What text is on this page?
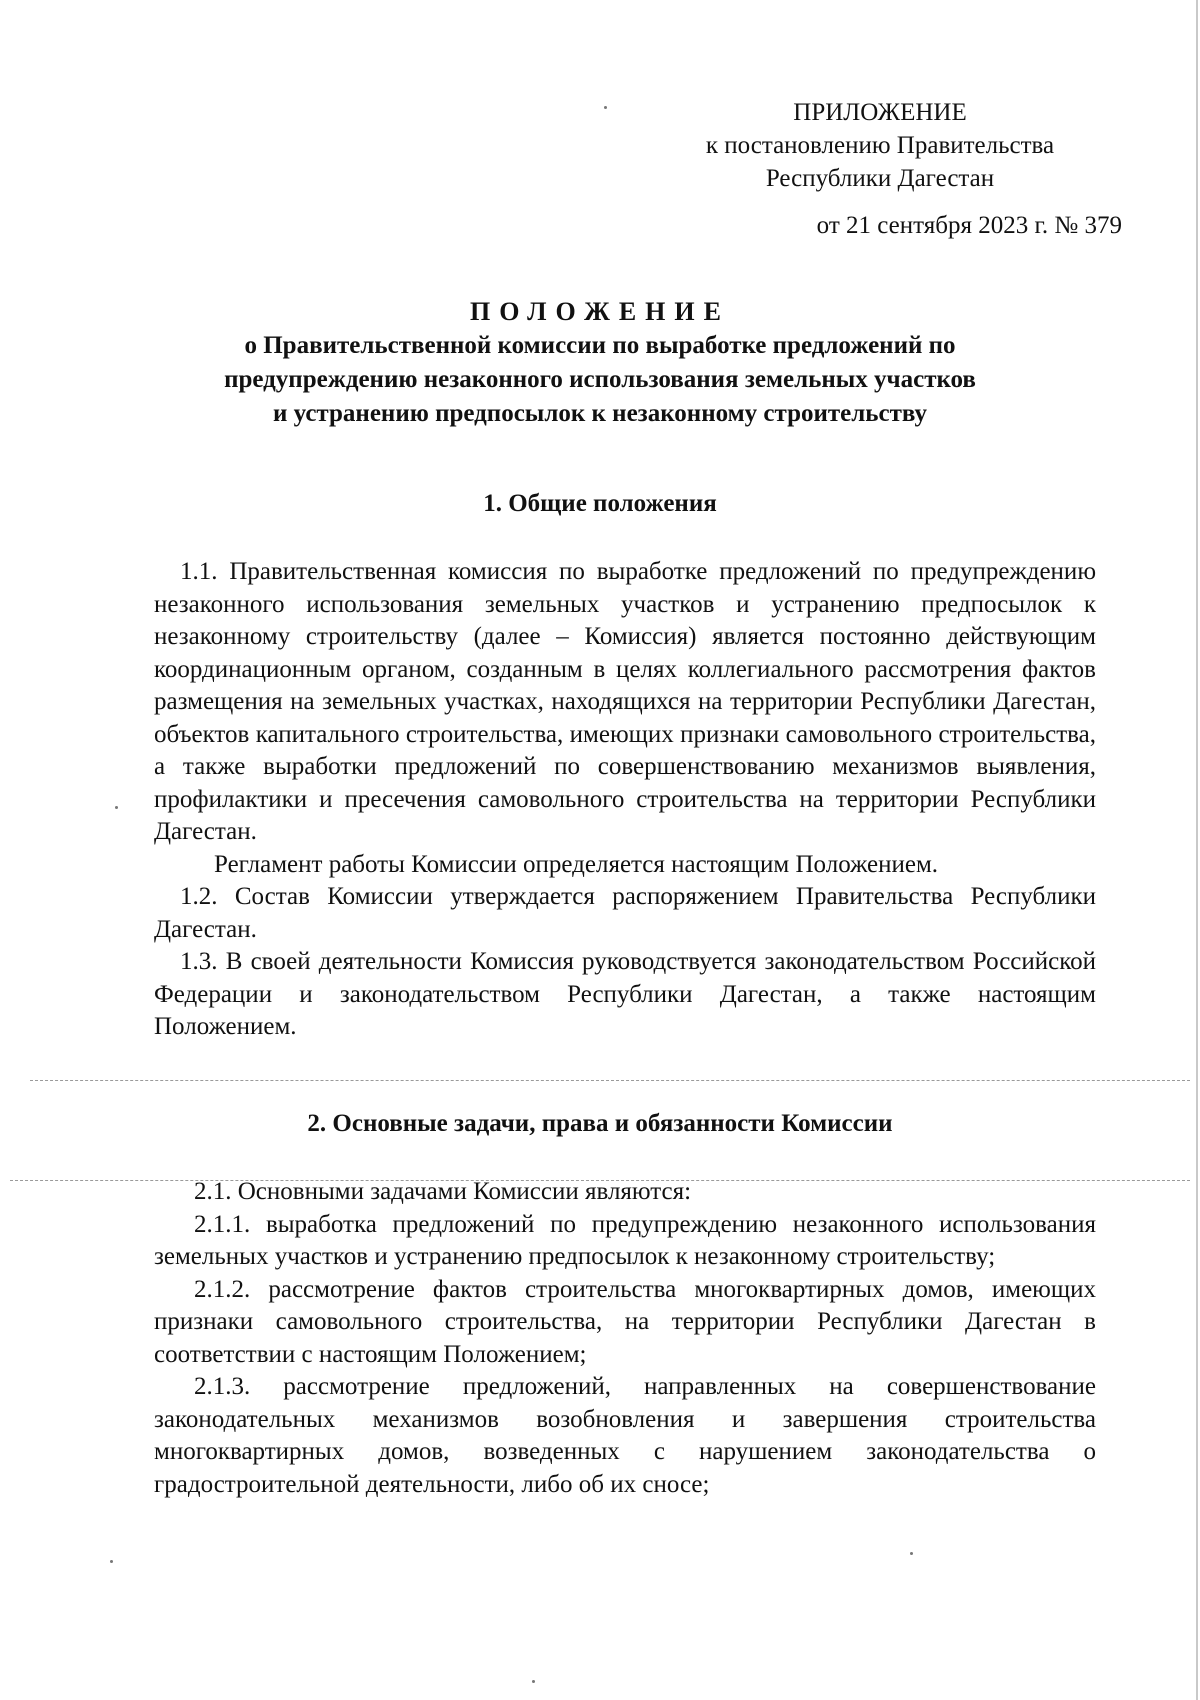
ПРИЛОЖЕНИЕ
к постановлению Правительства
Республики Дагестан
от 21 сентября 2023 г. № 379
ПОЛОЖЕНИЕ
о Правительственной комиссии по выработке предложений по
предупреждению незаконного использования земельных участков
и устранению предпосылок к незаконному строительству
1. Общие положения

1.1. Правительственная комиссия по выработке предложений по предупреждению незаконного использования земельных участков и устранению предпосылок к незаконному строительству (далее – Комиссия) является постоянно действующим координационным органом, созданным в целях коллегиального рассмотрения фактов размещения на земельных участках, находящихся на территории Республики Дагестан, объектов капитального строительства, имеющих признаки самовольного строительства, а также выработки предложений по совершенствованию механизмов выявления, профилактики и пресечения самовольного строительства на территории Республики Дагестан.

Регламент работы Комиссии определяется настоящим Положением.

1.2. Состав Комиссии утверждается распоряжением Правительства Республики Дагестан.

1.3. В своей деятельности Комиссия руководствуется законодательством Российской Федерации и законодательством Республики Дагестан, а также настоящим Положением.

2. Основные задачи, права и обязанности Комиссии

2.1. Основными задачами Комиссии являются:

2.1.1. выработка предложений по предупреждению незаконного использования земельных участков и устранению предпосылок к незаконному строительству;

2.1.2. рассмотрение фактов строительства многоквартирных домов, имеющих признаки самовольного строительства, на территории Республики Дагестан в соответствии с настоящим Положением;

2.1.3. рассмотрение предложений, направленных на совершенствование законодательных механизмов возобновления и завершения строительства многоквартирных домов, возведенных с нарушением законодательства о градостроительной деятельности, либо об их сносе;
